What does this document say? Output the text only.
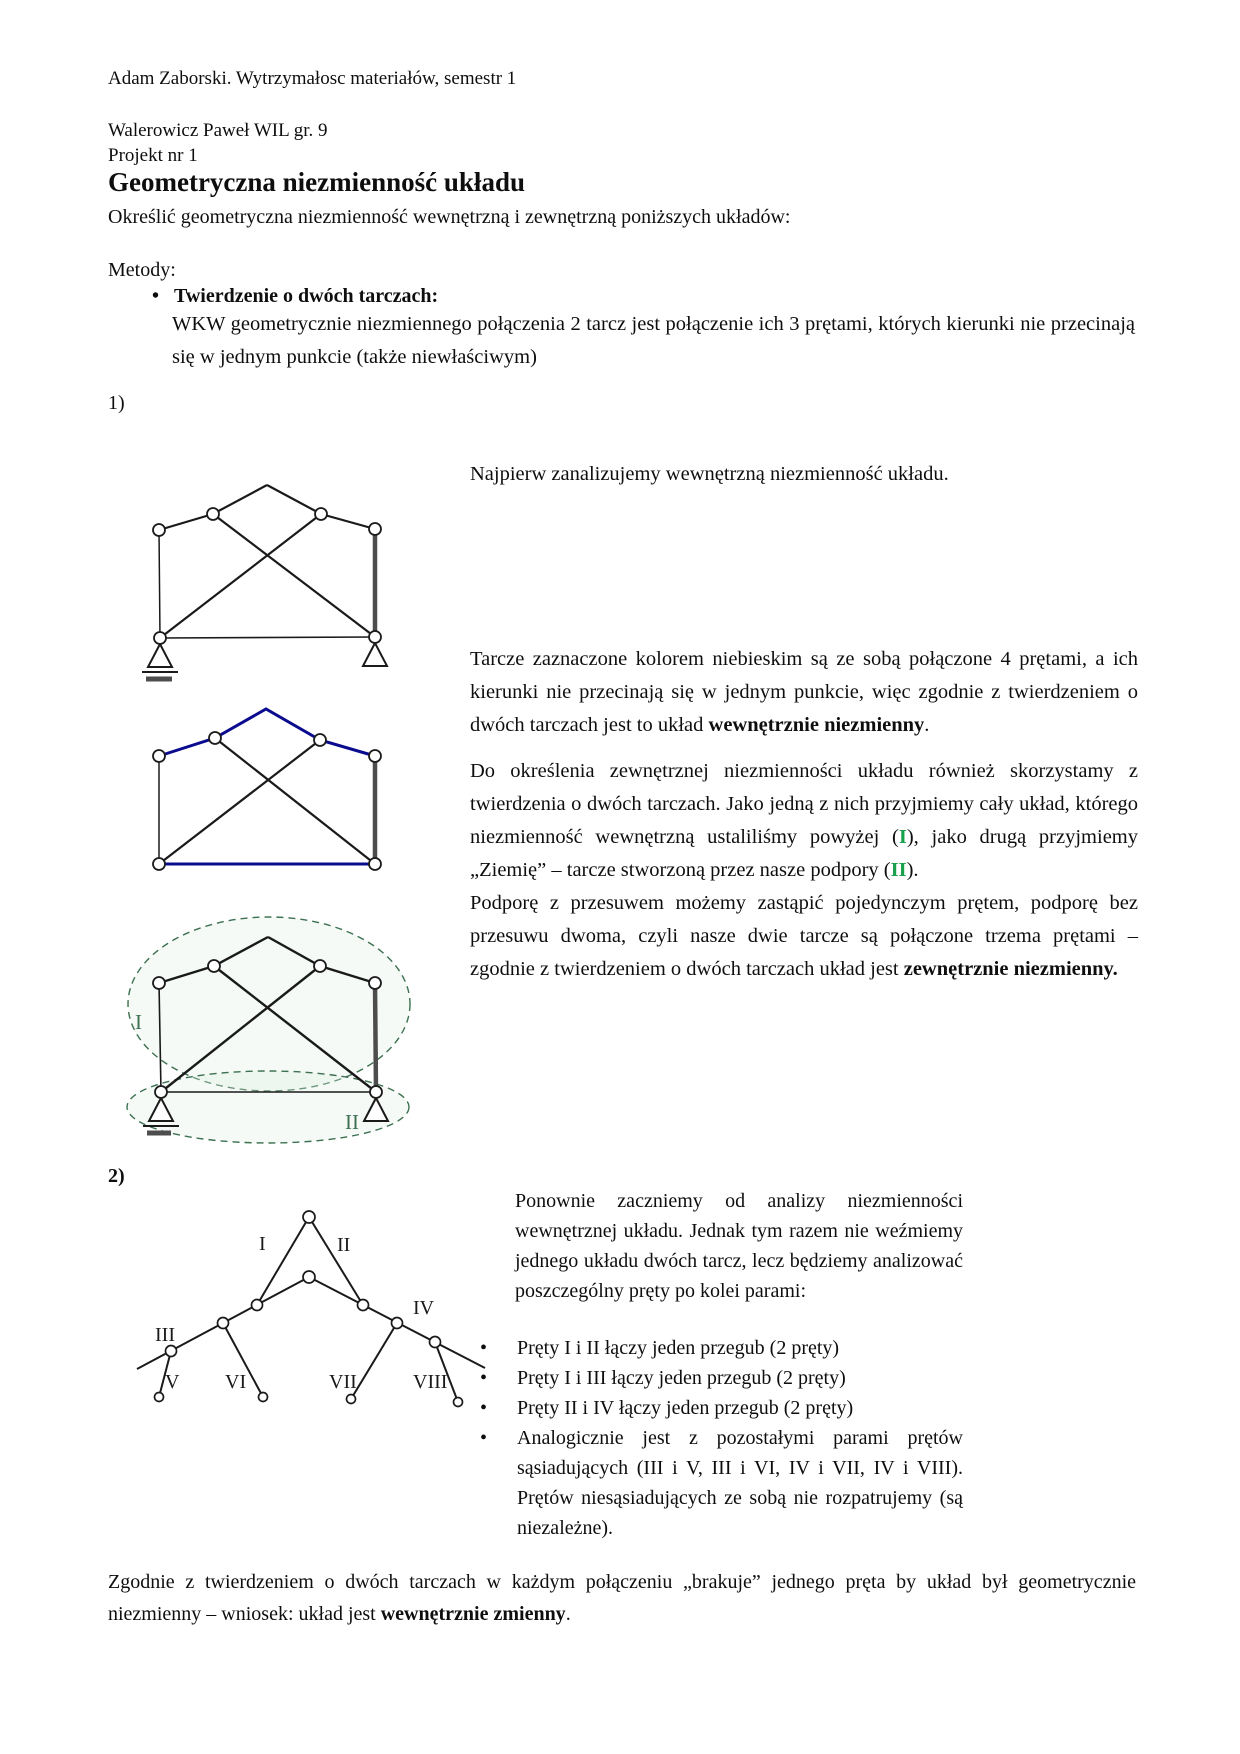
Adam Zaborski. Wytrzymałosc materiałów, semestr 1
Walerowicz Paweł WIL gr. 9
Projekt nr 1
Geometryczna niezmienność układu
Określić geometryczna niezmienność wewnętrzną i zewnętrzną poniższych układów:
Metody:
• Twierdzenie o dwóch tarczach:
WKW geometrycznie niezmiennego połączenia 2 tarcz jest połączenie ich 3 prętami, których kierunki nie przecinają się w jednym punkcie (także niewłaściwym)
1)
Najpierw zanalizujemy wewnętrzną niezmienność układu.
Tarcze zaznaczone kolorem niebieskim są ze sobą połączone 4 prętami, a ich kierunki nie przecinają się w jednym punkcie, więc zgodnie z twierdzeniem o dwóch tarczach jest to układ wewnętrznie niezmienny.
I
II

Do określenia zewnętrznej niezmienności układu również skorzystamy z twierdzenia o dwóch tarczach. Jako jedną z nich przyjmiemy cały układ, którego niezmienność wewnętrzną ustaliliśmy powyżej (I), jako drugą przyjmiemy „Ziemię” – tarcze stworzoną przez nasze podpory (II).

Podporę z przesuwem możemy zastąpić pojedynczym prętem, podporę bez przesuwu dwoma, czyli nasze dwie tarcze są połączone trzema prętami – zgodnie z twierdzeniem o dwóch tarczach układ jest zewnętrznie niezmienny.

2)
I	II
III
IV
V VI	VII	VIII
Ponownie zaczniemy od analizy niezmienności wewnętrznej układu. Jednak tym razem nie weźmiemy jednego układu dwóch tarcz, lecz będziemy analizować poszczególny pręty po kolei parami:
•	Pręty I i II łączy jeden przegub (2 pręty)
•	Pręty I i III łączy jeden przegub (2 pręty)
•	Pręty II i IV łączy jeden przegub (2 pręty)
•	Analogicznie jest z pozostałymi parami prętów sąsiadujących (III i V, III i VI, IV i VII, IV i VIII). Prętów niesąsiadujących ze sobą nie rozpatrujemy (są niezależne).
Zgodnie z twierdzeniem o dwóch tarczach w każdym połączeniu „brakuje” jednego pręta by układ był geometrycznie niezmienny – wniosek: układ jest wewnętrznie zmienny.
